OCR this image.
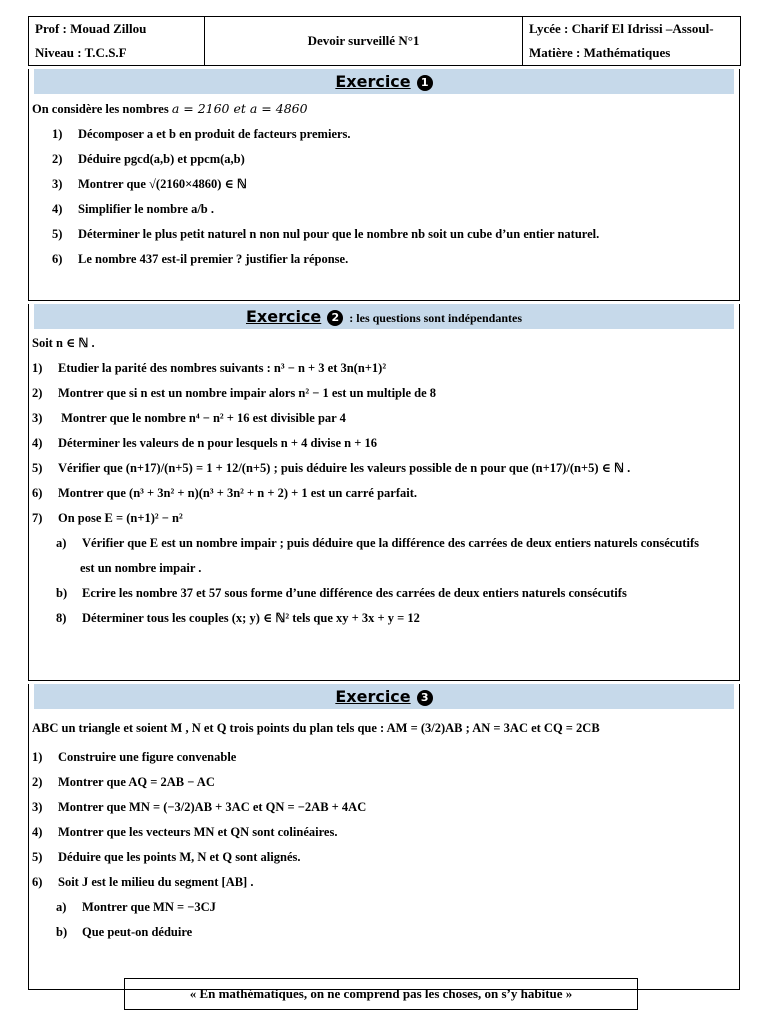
Prof : Mouad Zillou
Niveau : T.C.S.F
	Devoir surveillé N°1	
Lycée : Charif El Idrissi –Assoul-
Matière : Mathématiques
Exercice 1
On considère les nombres a = 2160 et a = 4860
1) Décomposer a et b en produit de facteurs premiers.
2) Déduire pgcd(a,b) et ppcm(a,b)
3) Montrer que √(2160×4860) ∈ ℕ
4) Simplifier le nombre a/b .
5) Déterminer le plus petit naturel n non nul pour que le nombre nb soit un cube d’un entier naturel.
6) Le nombre 437 est-il premier ? justifier la réponse.
Exercice 2 : les questions sont indépendantes
Soit n ∈ ℕ .
1) Etudier la parité des nombres suivants : n³ − n + 3 et 3n(n+1)²
2) Montrer que si n est un nombre impair alors n² − 1 est un multiple de 8
3) Montrer que le nombre n⁴ − n² + 16 est divisible par 4
4) Déterminer les valeurs de n pour lesquels n + 4 divise n + 16
5) Vérifier que (n+17)/(n+5) = 1 + 12/(n+5) ; puis déduire les valeurs possible de n pour que (n+17)/(n+5) ∈ ℕ .
6) Montrer que (n³ + 3n² + n)(n³ + 3n² + n + 2) + 1 est un carré parfait.
7) On pose E = (n+1)² − n²
a) Vérifier que E est un nombre impair ; puis déduire que la différence des carrées de deux entiers naturels consécutifs
est un nombre impair .
b) Ecrire les nombre 37 et 57 sous forme d’une différence des carrées de deux entiers naturels consécutifs
8) Déterminer tous les couples (x; y) ∈ ℕ² tels que xy + 3x + y = 12
Exercice 3
ABC un triangle et soient M , N et Q trois points du plan tels que : AM = (3/2)AB ; AN = 3AC et CQ = 2CB
1) Construire une figure convenable
2) Montrer que AQ = 2AB − AC
3) Montrer que MN = (−3/2)AB + 3AC et QN = −2AB + 4AC
4) Montrer que les vecteurs MN et QN sont colinéaires.
5) Déduire que les points M, N et Q sont alignés.
6) Soit J est le milieu du segment [AB] .
a) Montrer que MN = −3CJ
b) Que peut-on déduire
« En mathématiques, on ne comprend pas les choses, on s’y habitue »
